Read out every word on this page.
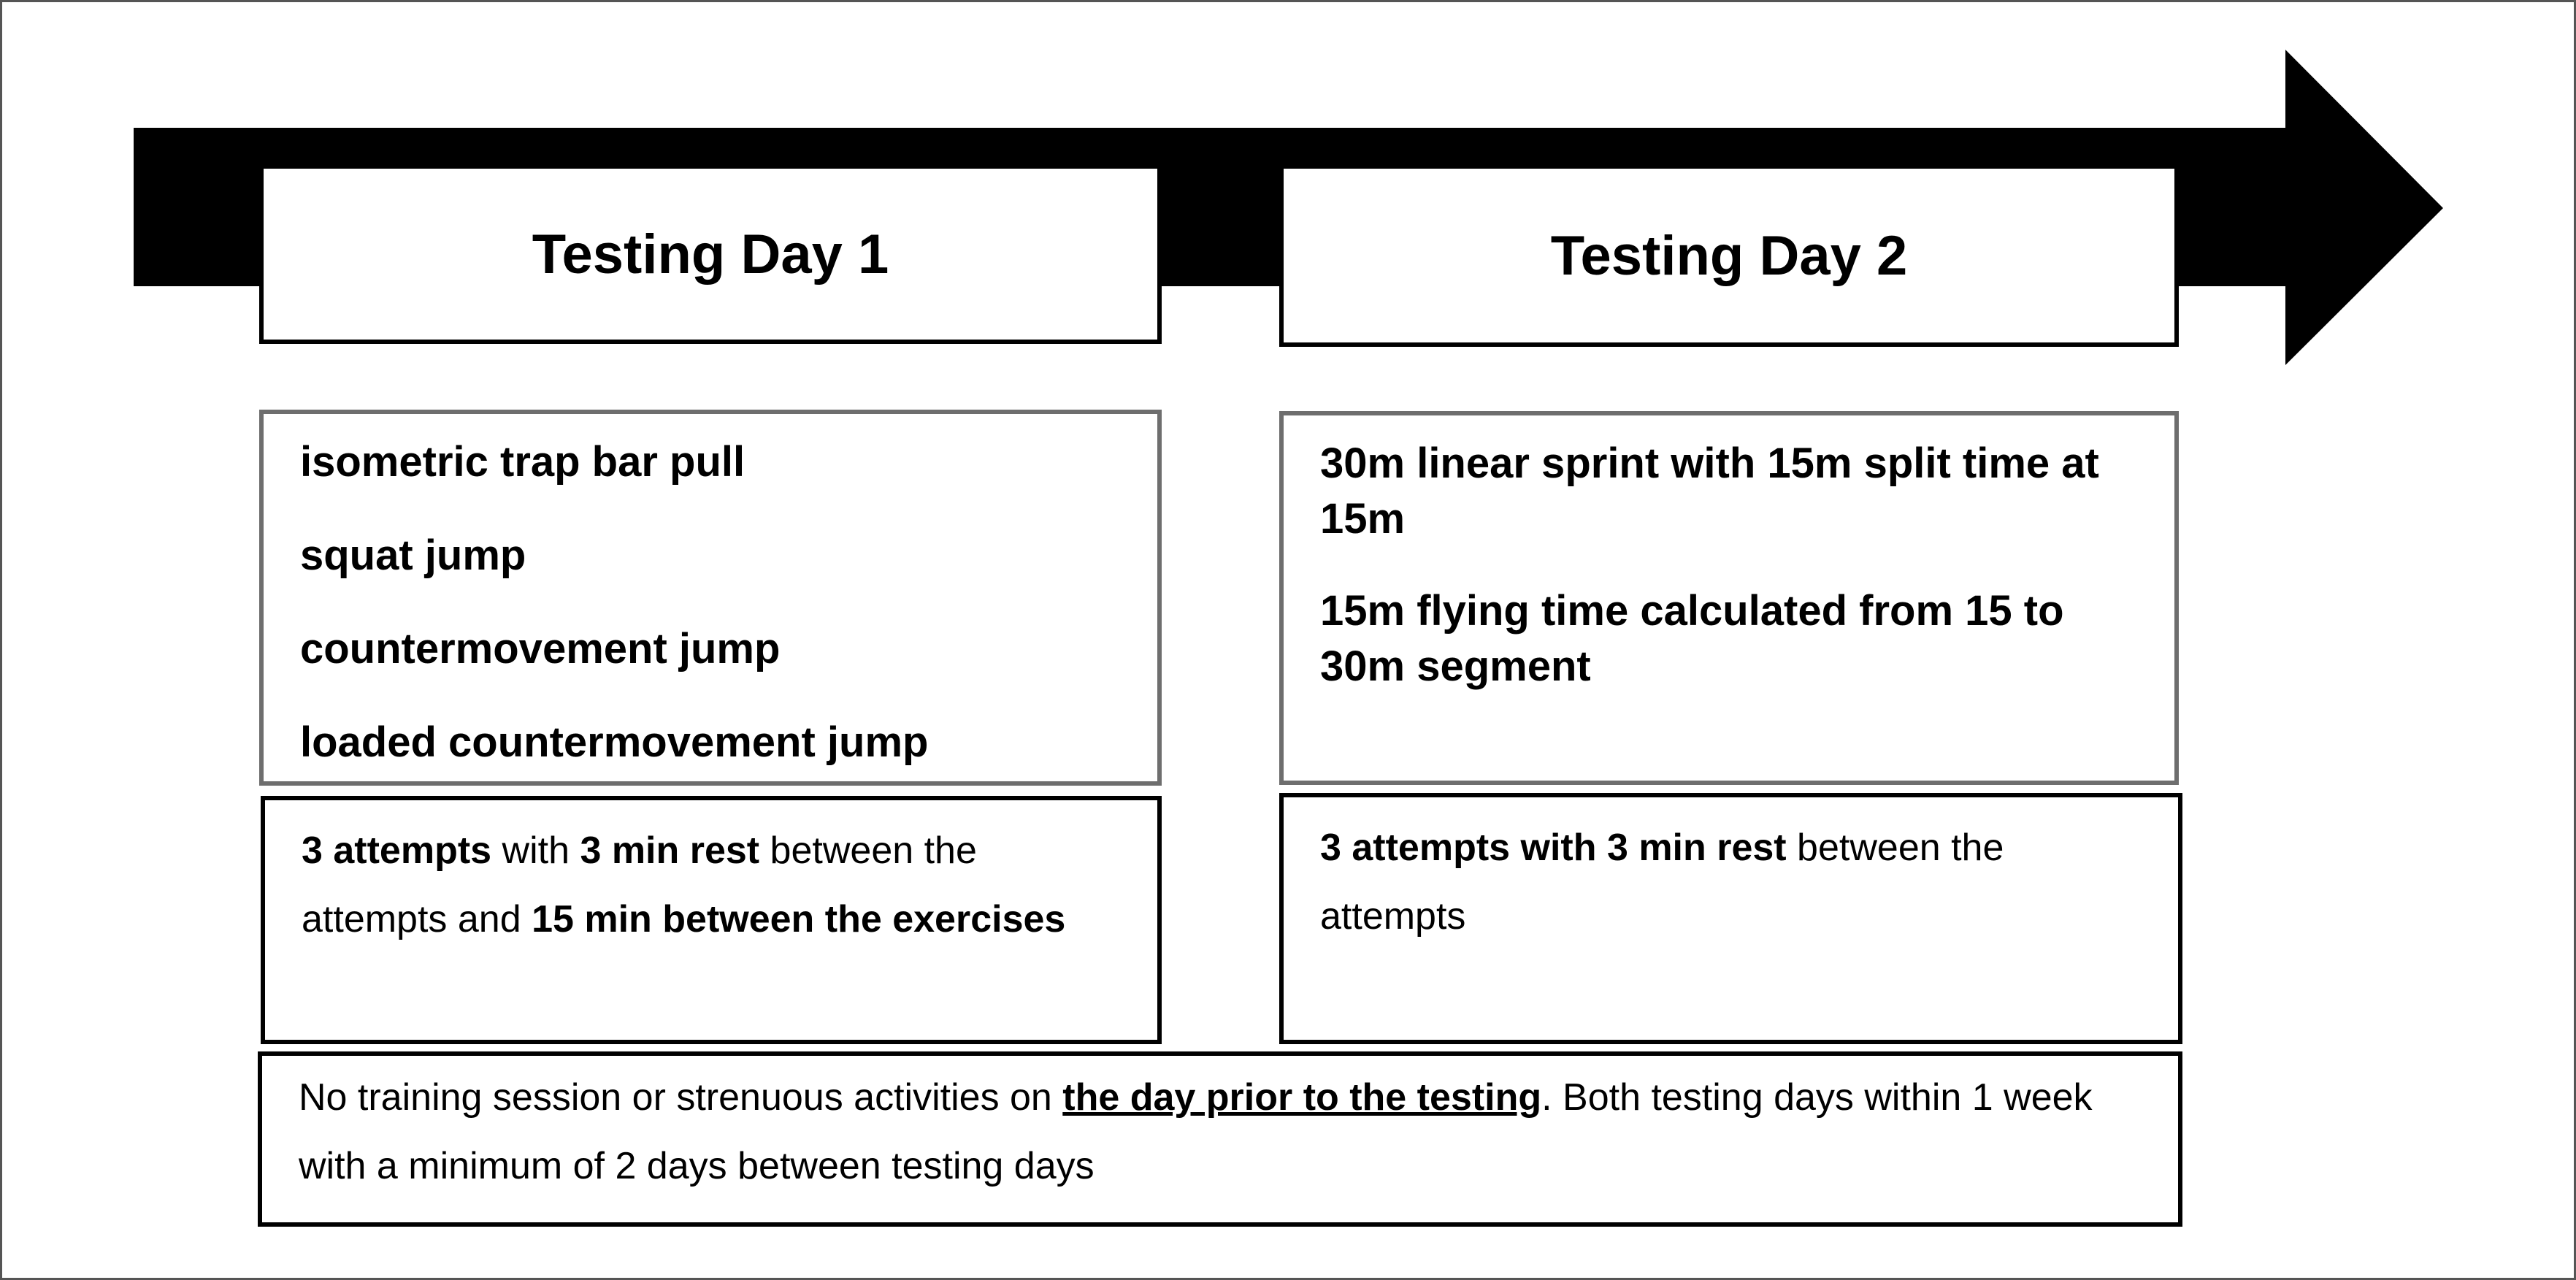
Testing Day 1	Testing Day 2

isometric trap bar pull

squat jump

countermovement jump

loaded countermovement jump

30m linear sprint with 15m split time at 15m

15m flying time calculated from 15 to 30m segment

3 attempts with 3 min rest between the attempts and 15 min between the exercises

3 attempts with 3 min rest between the attempts

No training session or strenuous activities on the day prior to the testing. Both testing days within 1 week with a minimum of 2 days between testing days
